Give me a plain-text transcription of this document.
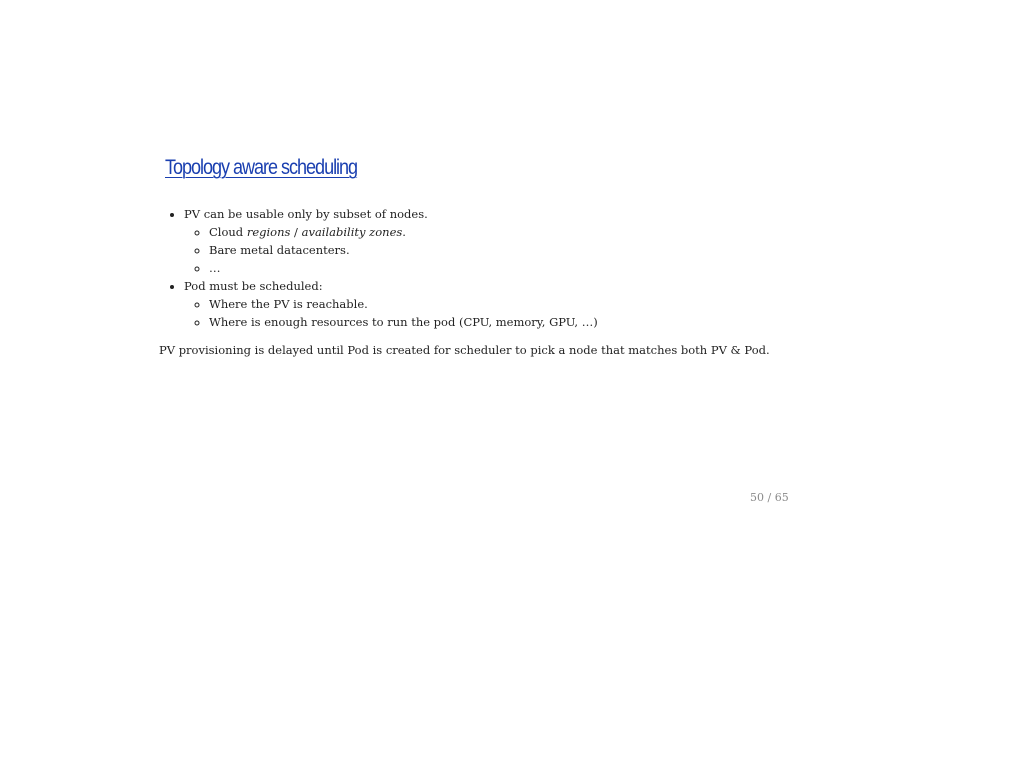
Topology aware scheduling
• PV can be usable only by subset of nodes.
◦ Cloud regions / availability zones.
◦ Bare metal datacenters.
◦ …
• Pod must be scheduled:
◦ Where the PV is reachable.
◦ Where is enough resources to run the pod (CPU, memory, GPU, …)

PV provisioning is delayed until Pod is created for scheduler to pick a node that matches both PV & Pod.

50 / 65
